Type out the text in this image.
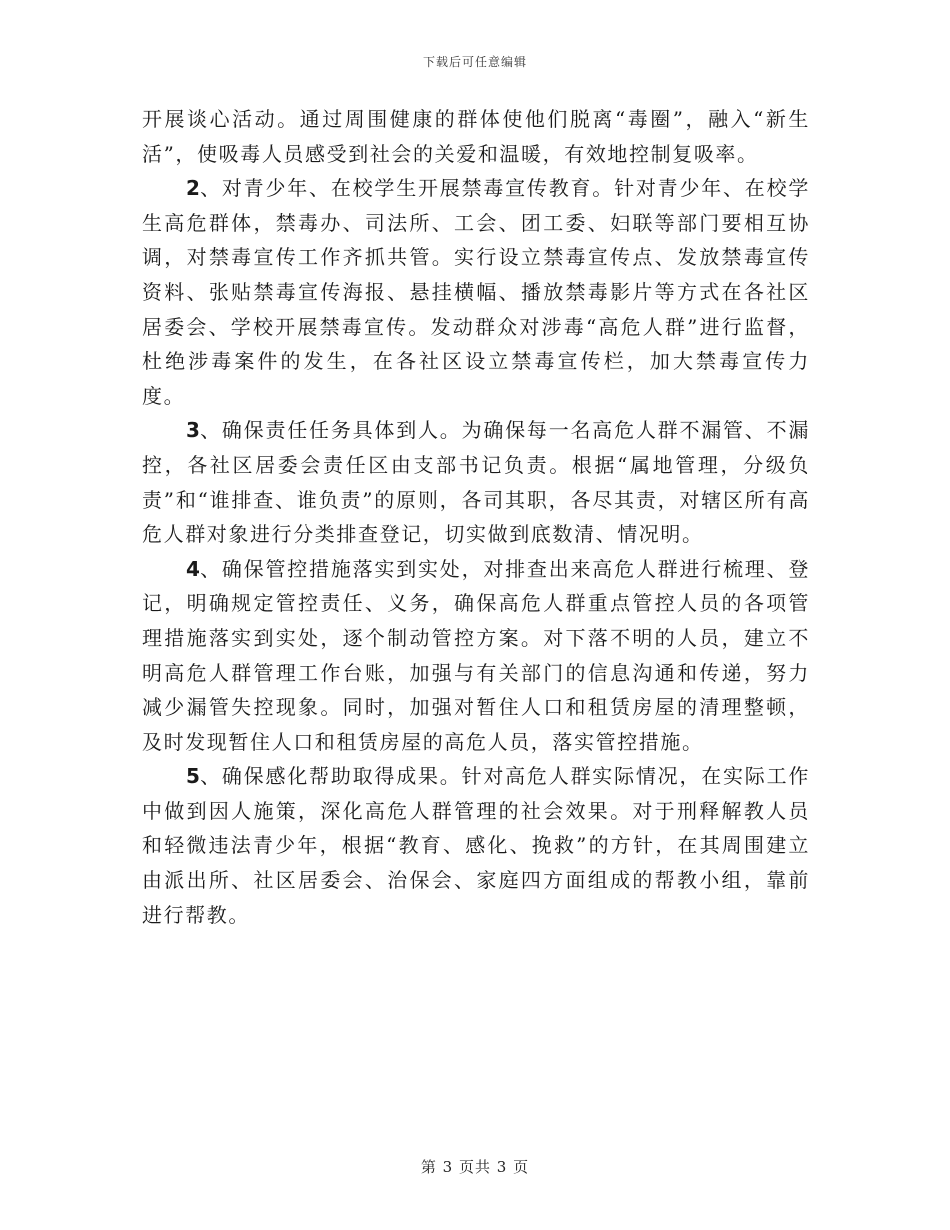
下载后可任意编辑

开展谈心活动。通过周围健康的群体使他们脱离“毒圈”，融入“新生活”，使吸毒人员感受到社会的关爱和温暖，有效地控制复吸率。

2、对青少年、在校学生开展禁毒宣传教育。针对青少年、在校学生高危群体，禁毒办、司法所、工会、团工委、妇联等部门要相互协调，对禁毒宣传工作齐抓共管。实行设立禁毒宣传点、发放禁毒宣传资料、张贴禁毒宣传海报、悬挂横幅、播放禁毒影片等方式在各社区居委会、学校开展禁毒宣传。发动群众对涉毒“高危人群”进行监督，杜绝涉毒案件的发生，在各社区设立禁毒宣传栏，加大禁毒宣传力度。

3、确保责任任务具体到人。为确保每一名高危人群不漏管、不漏控，各社区居委会责任区由支部书记负责。根据“属地管理，分级负责”和“谁排查、谁负责”的原则，各司其职，各尽其责，对辖区所有高危人群对象进行分类排查登记，切实做到底数清、情况明。

4、确保管控措施落实到实处，对排查出来高危人群进行梳理、登记，明确规定管控责任、义务，确保高危人群重点管控人员的各项管理措施落实到实处，逐个制动管控方案。对下落不明的人员，建立不明高危人群管理工作台账，加强与有关部门的信息沟通和传递，努力减少漏管失控现象。同时，加强对暂住人口和租赁房屋的清理整顿，及时发现暂住人口和租赁房屋的高危人员，落实管控措施。

5、确保感化帮助取得成果。针对高危人群实际情况，在实际工作中做到因人施策，深化高危人群管理的社会效果。对于刑释解教人员和轻微违法青少年，根据“教育、感化、挽救”的方针，在其周围建立由派出所、社区居委会、治保会、家庭四方面组成的帮教小组，靠前进行帮教。

第 3 页共 3 页
